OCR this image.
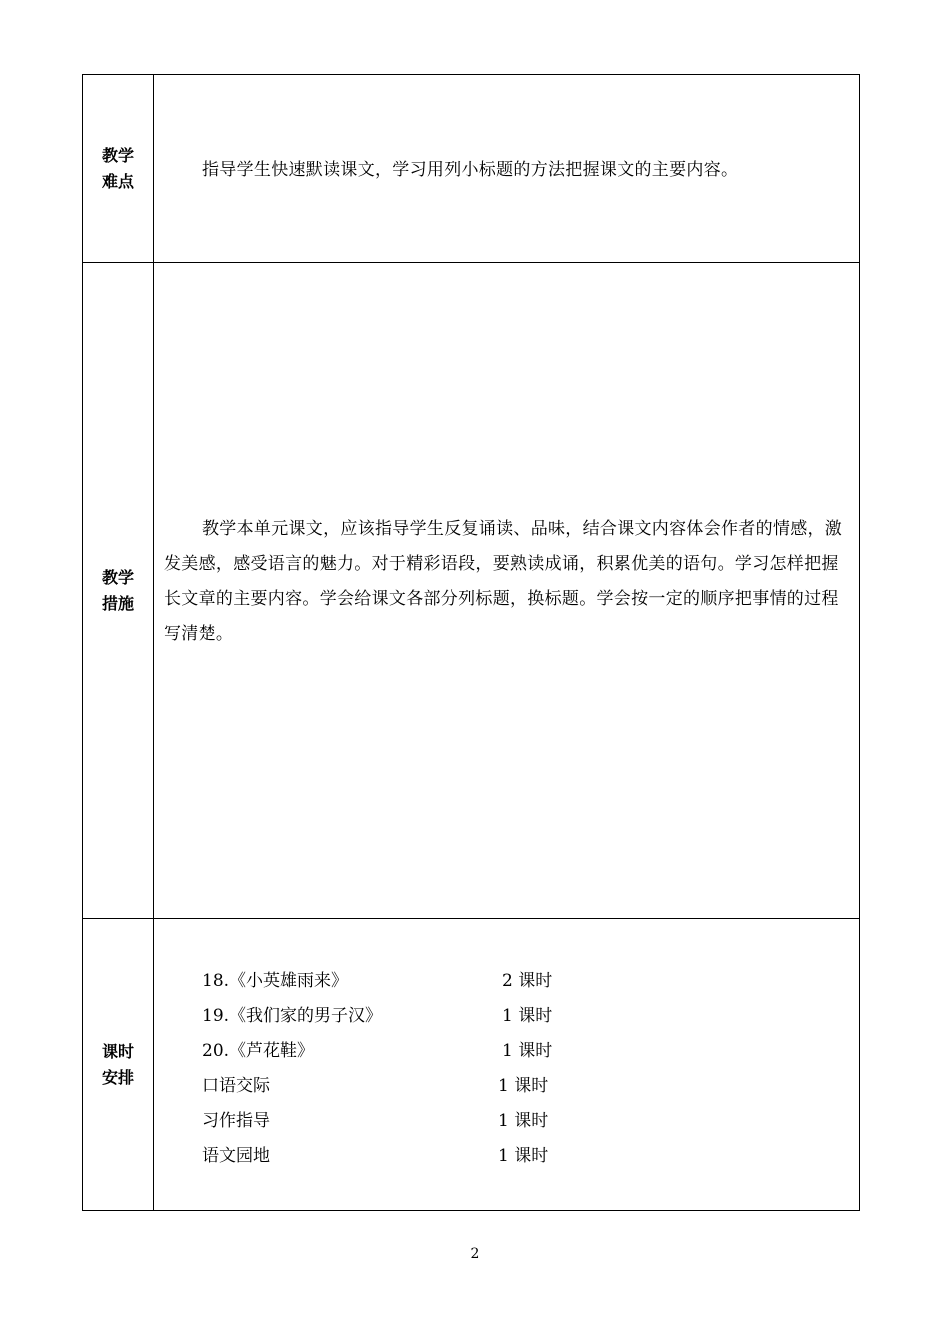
教学难点
指导学生快速默读课文，学习用列小标题的方法把握课文的主要内容。
教学措施
教学本单元课文，应该指导学生反复诵读、品味，结合课文内容体会作者的情感，激发美感，感受语言的魅力。对于精彩语段，要熟读成诵，积累优美的语句。学习怎样把握长文章的主要内容。学会给课文各部分列标题，换标题。学会按一定的顺序把事情的过程写清楚。
课时安排
18.《小英雄雨来》	2 课时
19.《我们家的男子汉》	1 课时
20.《芦花鞋》	1 课时
口语交际	1 课时
习作指导	1 课时
语文园地	1 课时
2
